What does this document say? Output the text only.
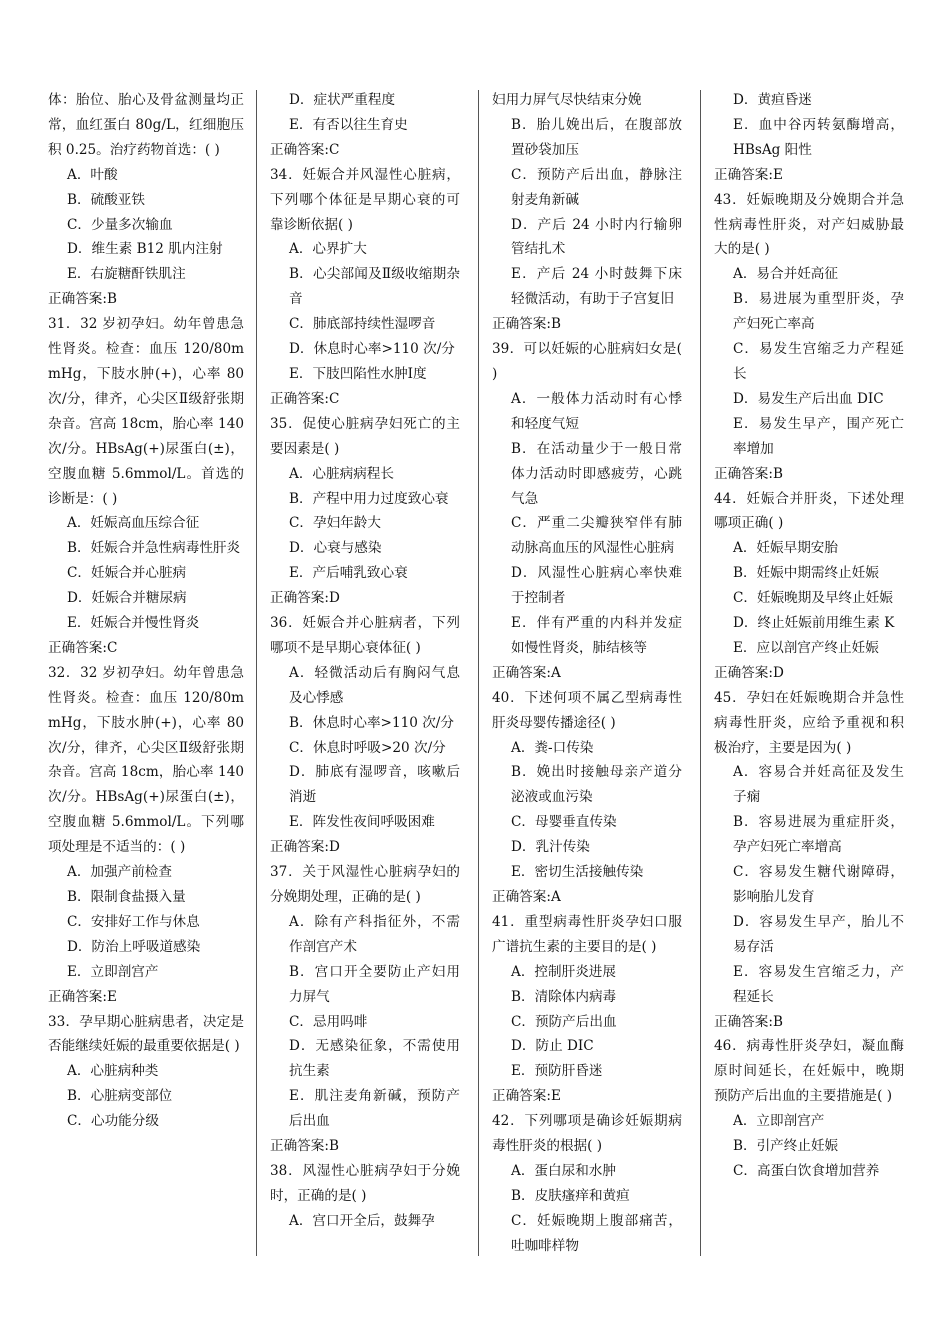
体：胎位、胎心及骨盆测量均正常，血红蛋白 80g/L，红细胞压积 0.25。治疗药物首选：( )

A．叶酸

B．硫酸亚铁

C．少量多次输血

D．维生素 B12 肌内注射

E．右旋糖酐铁肌注

正确答案:B

31．32 岁初孕妇。幼年曾患急性肾炎。检查：血压 120/80mmHg，下肢水肿(+)，心率 80 次/分，律齐，心尖区Ⅱ级舒张期杂音。宫高 18cm，胎心率 140 次/分。HBsAg(+)尿蛋白(±)，空腹血糖 5.6mmol/L。首选的诊断是：( )

A．妊娠高血压综合征

B．妊娠合并急性病毒性肝炎

C．妊娠合并心脏病

D．妊娠合并糖尿病

E．妊娠合并慢性肾炎

正确答案:C

32．32 岁初孕妇。幼年曾患急性肾炎。检查：血压 120/80mmHg，下肢水肿(+)，心率 80 次/分，律齐，心尖区Ⅱ级舒张期杂音。宫高 18cm，胎心率 140 次/分。HBsAg(+)尿蛋白(±)，空腹血糖 5.6mmol/L。下列哪项处理是不适当的：( )

A．加强产前检查

B．限制食盐摄入量

C．安排好工作与休息

D．防治上呼吸道感染

E．立即剖宫产

正确答案:E

33．孕早期心脏病患者，决定是否能继续妊娠的最重要依据是( )

A．心脏病种类

B．心脏病变部位

C．心功能分级

D．症状严重程度

E．有否以往生育史

正确答案:C

34．妊娠合并风湿性心脏病，下列哪个体征是早期心衰的可靠诊断依据( )

A．心界扩大

B．心尖部闻及Ⅱ级收缩期杂音

C．肺底部持续性湿啰音

D．休息时心率>110 次/分

E．下肢凹陷性水肿Ⅰ度

正确答案:C

35．促使心脏病孕妇死亡的主要因素是( )

A．心脏病病程长

B．产程中用力过度致心衰

C．孕妇年龄大

D．心衰与感染

E．产后哺乳致心衰

正确答案:D

36．妊娠合并心脏病者，下列哪项不是早期心衰体征( )

A．轻微活动后有胸闷气息及心悸感

B．休息时心率>110 次/分

C．休息时呼吸>20 次/分

D．肺底有湿啰音，咳嗽后消逝

E．阵发性夜间呼吸困难

正确答案:D

37．关于风湿性心脏病孕妇的分娩期处理，正确的是( )

A．除有产科指征外，不需作剖宫产术

B．宫口开全要防止产妇用力屏气

C．忌用吗啡

D．无感染征象，不需使用抗生素

E．肌注麦角新碱，预防产后出血

正确答案:B

38．风湿性心脏病孕妇于分娩时，正确的是( )

A．宫口开全后，鼓舞孕

妇用力屏气尽快结束分娩

B．胎儿娩出后，在腹部放置砂袋加压

C．预防产后出血，静脉注射麦角新碱

D．产后 24 小时内行输卵管结扎术

E．产后 24 小时鼓舞下床轻微活动，有助于子宫复旧

正确答案:B

39．可以妊娠的心脏病妇女是( )

A．一般体力活动时有心悸和轻度气短

B．在活动量少于一般日常体力活动时即感疲劳，心跳气急

C．严重二尖瓣狭窄伴有肺动脉高血压的风湿性心脏病

D．风湿性心脏病心率快难于控制者

E．伴有严重的内科并发症如慢性肾炎，肺结核等

正确答案:A

40．下述何项不属乙型病毒性肝炎母婴传播途径( )

A．粪-口传染

B．娩出时接触母亲产道分泌液或血污染

C．母婴垂直传染

D．乳汁传染

E．密切生活接触传染

正确答案:A

41．重型病毒性肝炎孕妇口服广谱抗生素的主要目的是( )

A．控制肝炎进展

B．清除体内病毒

C．预防产后出血

D．防止 DIC

E．预防肝昏迷

正确答案:E

42．下列哪项是确诊妊娠期病毒性肝炎的根据( )

A．蛋白尿和水肿

B．皮肤瘙痒和黄疸

C．妊娠晚期上腹部痛苦，吐咖啡样物

D．黄疸昏迷

E．血中谷丙转氨酶增高，HBsAg 阳性

正确答案:E

43．妊娠晚期及分娩期合并急性病毒性肝炎，对产妇威胁最大的是( )

A．易合并妊高征

B．易进展为重型肝炎，孕产妇死亡率高

C．易发生宫缩乏力产程延长

D．易发生产后出血 DIC

E．易发生早产，围产死亡率增加

正确答案:B

44．妊娠合并肝炎，下述处理哪项正确( )

A．妊娠早期安胎

B．妊娠中期需终止妊娠

C．妊娠晚期及早终止妊娠

D．终止妊娠前用维生素 K

E．应以剖宫产终止妊娠

正确答案:D

45．孕妇在妊娠晚期合并急性病毒性肝炎，应给予重视和积极治疗，主要是因为( )

A．容易合并妊高征及发生子痫

B．容易进展为重症肝炎，孕产妇死亡率增高

C．容易发生糖代谢障碍，影响胎儿发育

D．容易发生早产，胎儿不易存活

E．容易发生宫缩乏力，产程延长

正确答案:B

46．病毒性肝炎孕妇，凝血酶原时间延长，在妊娠中，晚期预防产后出血的主要措施是( )

A．立即剖宫产

B．引产终止妊娠

C．高蛋白饮食增加营养
